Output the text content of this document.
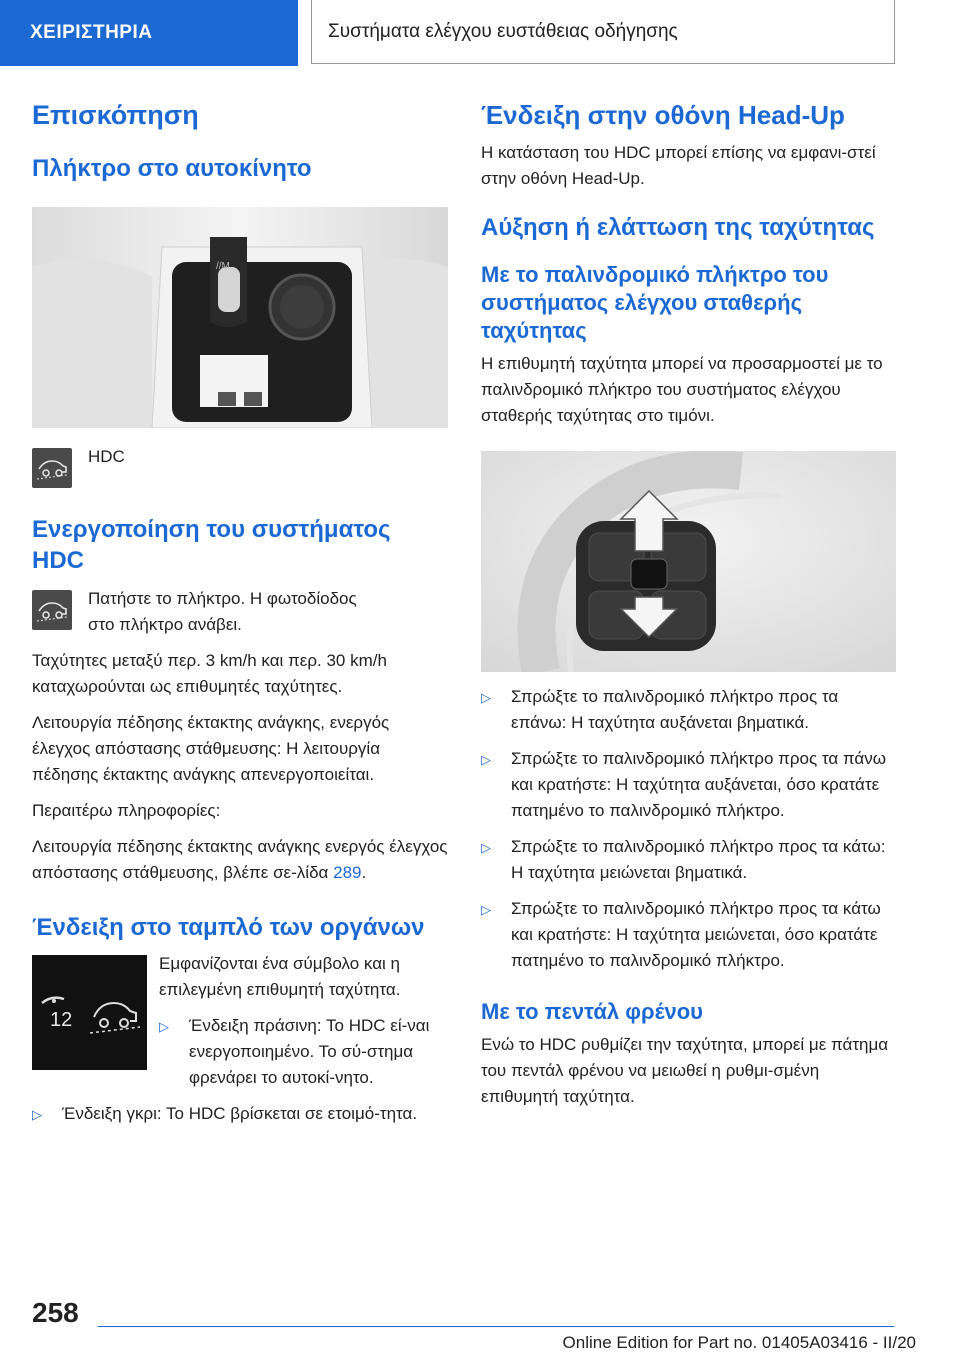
ΧΕΙΡΙΣΤΗΡΙΑ	Συστήματα ελέγχου ευστάθειας οδήγησης
Επισκόπηση
Πλήκτρο στο αυτοκίνητο
//M

HDC

Ενεργοποίηση του συστήματος HDC

Πατήστε το πλήκτρο. Η φωτοδίοδος στο πλήκτρο ανάβει.

Ταχύτητες μεταξύ περ. 3 km/h και περ. 30 km/h καταχωρούνται ως επιθυμητές ταχύτητες.

Λειτουργία πέδησης έκτακτης ανάγκης, ενεργός έλεγχος απόστασης στάθμευσης: Η λειτουργία πέδησης έκτακτης ανάγκης απενεργοποιείται.

Περαιτέρω πληροφορίες:

Λειτουργία πέδησης έκτακτης ανάγκης ενεργός έλεγχος απόστασης στάθμευσης, βλέπε σε-λίδα 289.

Ένδειξη στο ταμπλό των οργάνων
12

Εμφανίζονται ένα σύμβολο και η επιλεγμένη επιθυμητή ταχύτητα.

▷	Ένδειξη πράσινη: Το HDC εί-ναι ενεργοποιημένο. Το σύ-στημα φρενάρει το αυτοκί-νητο.
▷	Ένδειξη γκρι: Το HDC βρίσκεται σε ετοιμό-τητα.
Ένδειξη στην οθόνη Head-Up

Η κατάσταση του HDC μπορεί επίσης να εμφανι-στεί στην οθόνη Head-Up.

Αύξηση ή ελάττωση της ταχύτητας
Με το παλινδρομικό πλήκτρο του συστήματος ελέγχου σταθερής ταχύτητας

Η επιθυμητή ταχύτητα μπορεί να προσαρμοστεί με το παλινδρομικό πλήκτρο του συστήματος ελέγχου σταθερής ταχύτητας στο τιμόνι.

▷	Σπρώξτε το παλινδρομικό πλήκτρο προς τα επάνω: Η ταχύτητα αυξάνεται βηματικά.
▷	Σπρώξτε το παλινδρομικό πλήκτρο προς τα πάνω και κρατήστε: Η ταχύτητα αυξάνεται, όσο κρατάτε πατημένο το παλινδρομικό πλήκτρο.
▷	Σπρώξτε το παλινδρομικό πλήκτρο προς τα κάτω: Η ταχύτητα μειώνεται βηματικά.
▷	Σπρώξτε το παλινδρομικό πλήκτρο προς τα κάτω και κρατήστε: Η ταχύτητα μειώνεται, όσο κρατάτε πατημένο το παλινδρομικό πλήκτρο.
Με το πεντάλ φρένου

Ενώ το HDC ρυθμίζει την ταχύτητα, μπορεί με πάτημα του πεντάλ φρένου να μειωθεί η ρυθμι-σμένη επιθυμητή ταχύτητα.

258
Online Edition for Part no. 01405A03416 - II/20
